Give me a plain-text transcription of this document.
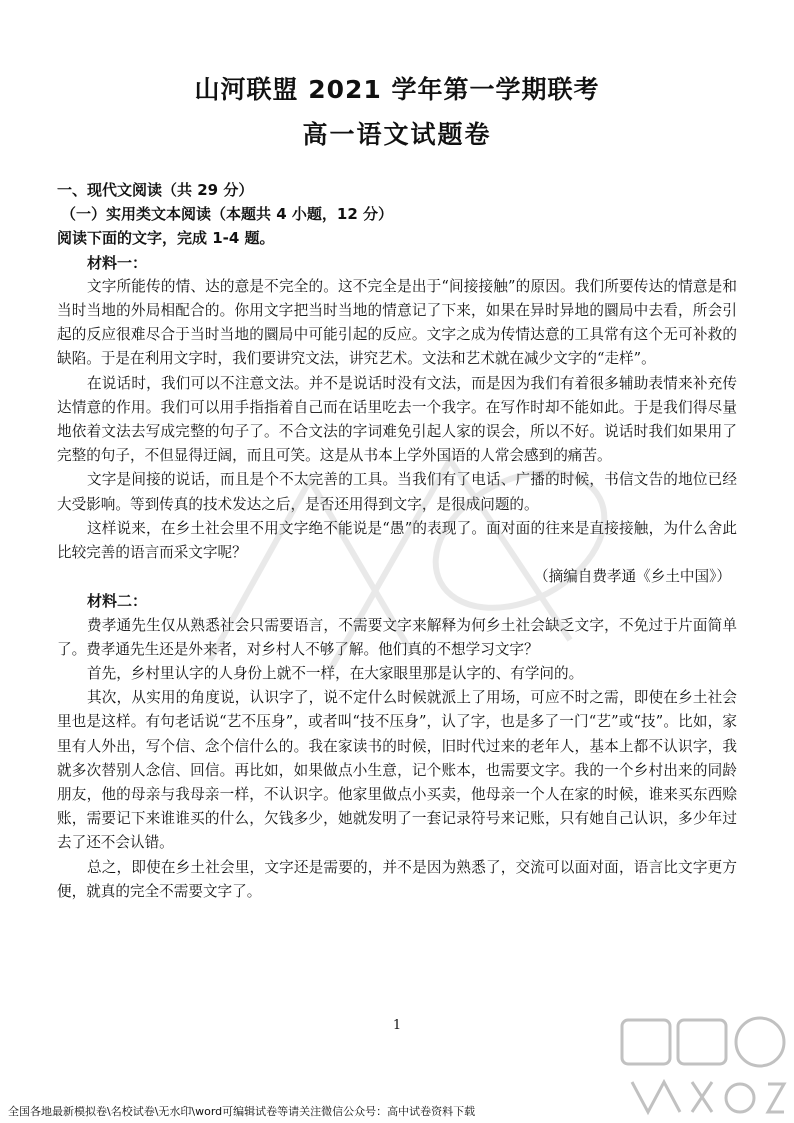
山河联盟 2021 学年第一学期联考
高一语文试题卷

一、现代文阅读（共 29 分）

（一）实用类文本阅读（本题共 4 小题，12 分）

阅读下面的文字，完成 1-4 题。

材料一：

文字所能传的情、达的意是不完全的。这不完全是出于“间接接触”的原因。我们所要传达的情意是和当时当地的外局相配合的。你用文字把当时当地的情意记了下来，如果在异时异地的圜局中去看，所会引起的反应很难尽合于当时当地的圜局中可能引起的反应。文字之成为传情达意的工具常有这个无可补救的缺陷。于是在利用文字时，我们要讲究文法，讲究艺术。文法和艺术就在减少文字的“走样”。

在说话时，我们可以不注意文法。并不是说话时没有文法，而是因为我们有着很多辅助表情来补充传达情意的作用。我们可以用手指指着自己而在话里吃去一个我字。在写作时却不能如此。于是我们得尽量地依着文法去写成完整的句子了。不合文法的字词难免引起人家的误会，所以不好。说话时我们如果用了完整的句子，不但显得迂阔，而且可笑。这是从书本上学外国语的人常会感到的痛苦。

文字是间接的说话，而且是个不太完善的工具。当我们有了电话、广播的时候，书信文告的地位已经大受影响。等到传真的技术发达之后，是否还用得到文字，是很成问题的。

这样说来，在乡土社会里不用文字绝不能说是“愚”的表现了。面对面的往来是直接接触，为什么舍此比较完善的语言而采文字呢？

（摘编自费孝通《乡土中国》）

材料二：

费孝通先生仅从熟悉社会只需要语言，不需要文字来解释为何乡土社会缺乏文字，不免过于片面简单了。费孝通先生还是外来者，对乡村人不够了解。他们真的不想学习文字？

首先，乡村里认字的人身份上就不一样，在大家眼里那是认字的、有学问的。

其次，从实用的角度说，认识字了，说不定什么时候就派上了用场，可应不时之需，即使在乡土社会里也是这样。有句老话说“艺不压身”，或者叫“技不压身”，认了字，也是多了一门“艺”或“技”。比如，家里有人外出，写个信、念个信什么的。我在家读书的时候，旧时代过来的老年人，基本上都不认识字，我就多次替别人念信、回信。再比如，如果做点小生意，记个账本，也需要文字。我的一个乡村出来的同龄朋友，他的母亲与我母亲一样，不认识字。他家里做点小买卖，他母亲一个人在家的时候，谁来买东西赊账，需要记下来谁谁买的什么，欠钱多少，她就发明了一套记录符号来记账，只有她自己认识，多少年过去了还不会认错。

总之，即使在乡土社会里，文字还是需要的，并不是因为熟悉了，交流可以面对面，语言比文字更方便，就真的完全不需要文字了。

1
全国各地最新模拟卷\名校试卷\无水印\word可编辑试卷等请关注微信公众号：高中试卷资料下载
